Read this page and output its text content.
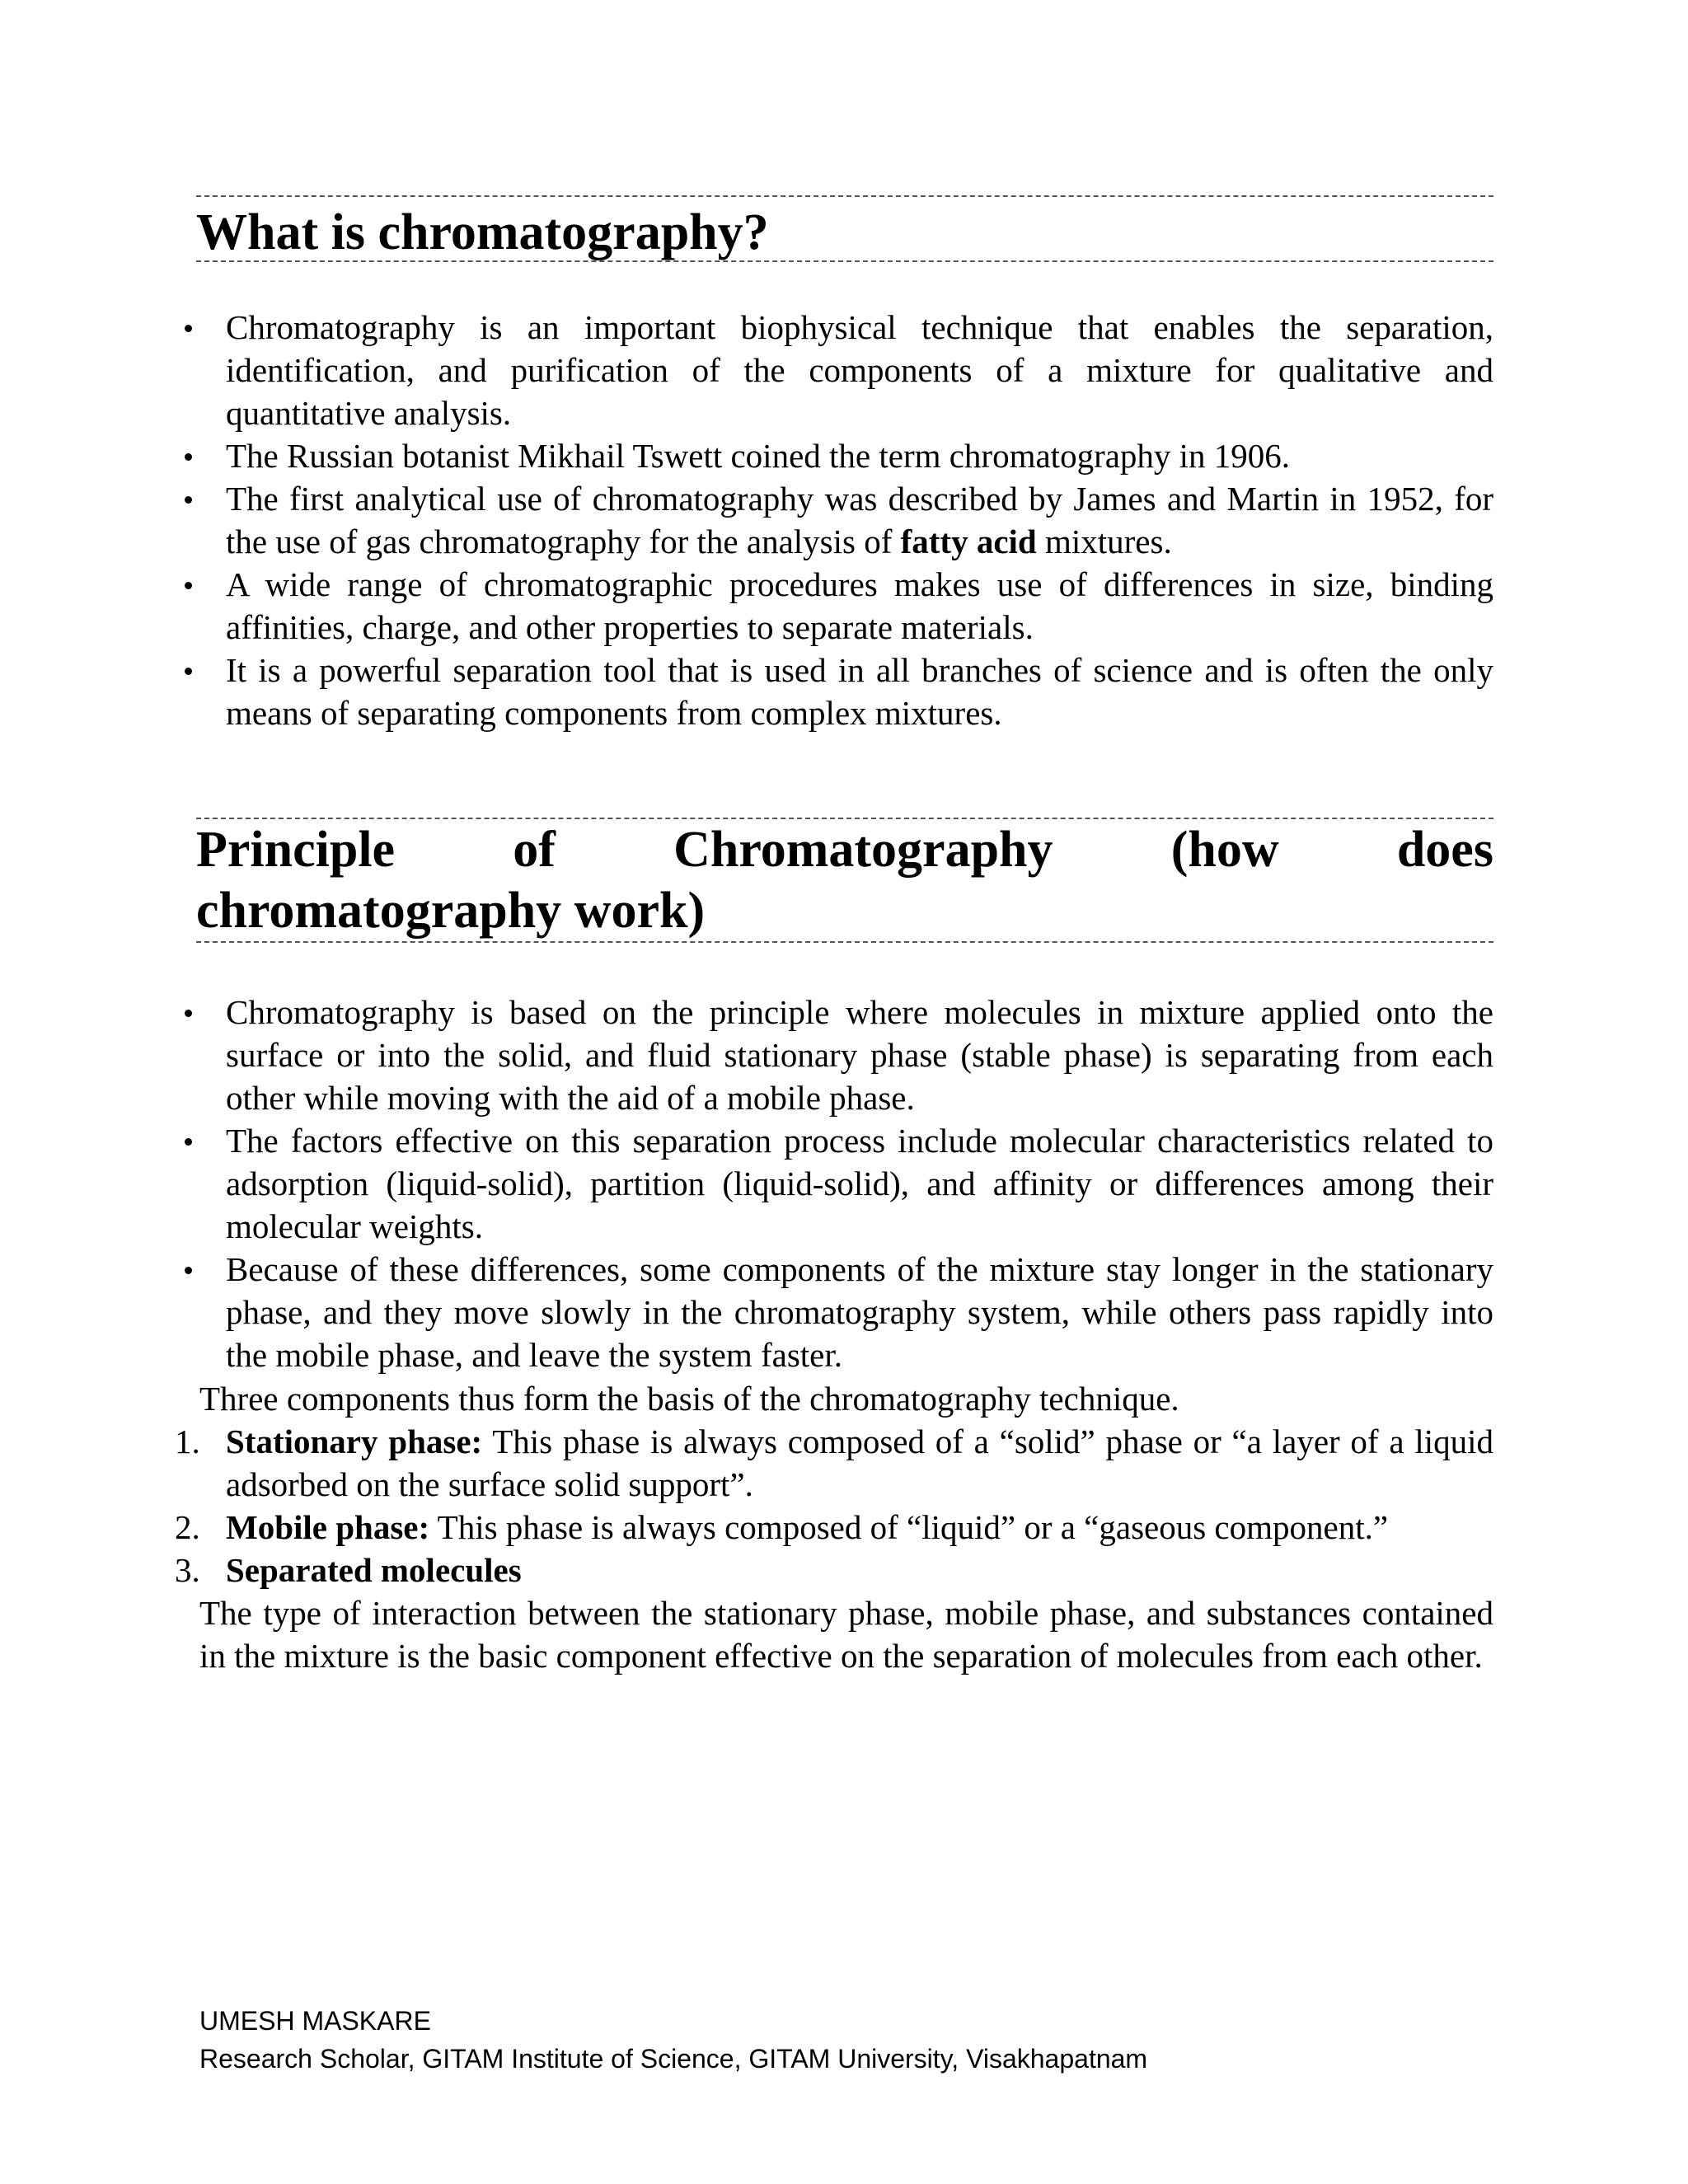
What is chromatography?
Chromatography is an important biophysical technique that enables the separation, identification, and purification of the components of a mixture for qualitative and quantitative analysis.
The Russian botanist Mikhail Tswett coined the term chromatography in 1906.
The first analytical use of chromatography was described by James and Martin in 1952, for the use of gas chromatography for the analysis of fatty acid mixtures.
A wide range of chromatographic procedures makes use of differences in size, binding affinities, charge, and other properties to separate materials.
It is a powerful separation tool that is used in all branches of science and is often the only means of separating components from complex mixtures.
Principle of Chromatography (how does
chromatography work)
Chromatography is based on the principle where molecules in mixture applied onto the surface or into the solid, and fluid stationary phase (stable phase) is separating from each other while moving with the aid of a mobile phase.
The factors effective on this separation process include molecular characteristics related to adsorption (liquid-solid), partition (liquid-solid), and affinity or differences among their molecular weights.
Because of these differences, some components of the mixture stay longer in the stationary phase, and they move slowly in the chromatography system, while others pass rapidly into the mobile phase, and leave the system faster.
Three components thus form the basis of the chromatography technique.
1. Stationary phase: This phase is always composed of a “solid” phase or “a layer of a liquid adsorbed on the surface solid support”.
2. Mobile phase: This phase is always composed of “liquid” or a “gaseous component.”
3. Separated molecules
The type of interaction between the stationary phase, mobile phase, and substances contained in the mixture is the basic component effective on the separation of molecules from each other.
UMESH MASKARE
Research Scholar, GITAM Institute of Science, GITAM University, Visakhapatnam
